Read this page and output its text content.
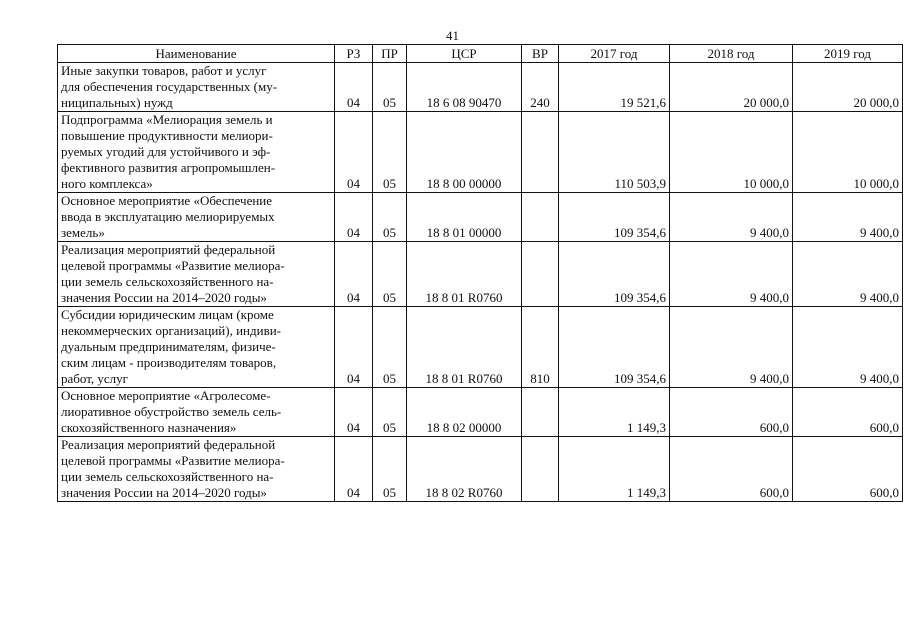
41
Наименование	РЗ	ПР	ЦСР	ВР	2017 год	2018 год	2019 год

Иные закупки товаров, работ и услуг
для обеспечения государственных (му-
ниципальных) нужд	04	05	18 6 08 90470	240	19 521,6	20 000,0	20 000,0

Подпрограмма «Мелиорация земель и
повышение продуктивности мелиори-
руемых угодий для устойчивого и эф-
фективного развития агропромышлен-
ного комплекса»	04	05	18 8 00 00000		110 503,9	10 000,0	10 000,0

Основное мероприятие «Обеспечение
ввода в эксплуатацию мелиорируемых
земель»	04	05	18 8 01 00000		109 354,6	9 400,0	9 400,0

Реализация мероприятий федеральной
целевой программы «Развитие мелиора-
ции земель сельскохозяйственного на-
значения России на 2014–2020 годы»	04	05	18 8 01 R0760		109 354,6	9 400,0	9 400,0

Субсидии юридическим лицам (кроме
некоммерческих организаций), индиви-
дуальным предпринимателям, физиче-
ским лицам - производителям товаров,
работ, услуг	04	05	18 8 01 R0760	810	109 354,6	9 400,0	9 400,0

Основное мероприятие «Агролесоме-
лиоративное обустройство земель сель-
скохозяйственного назначения»	04	05	18 8 02 00000		1 149,3	600,0	600,0

Реализация мероприятий федеральной
целевой программы «Развитие мелиора-
ции земель сельскохозяйственного на-
значения России на 2014–2020 годы»	04	05	18 8 02 R0760		1 149,3	600,0	600,0
